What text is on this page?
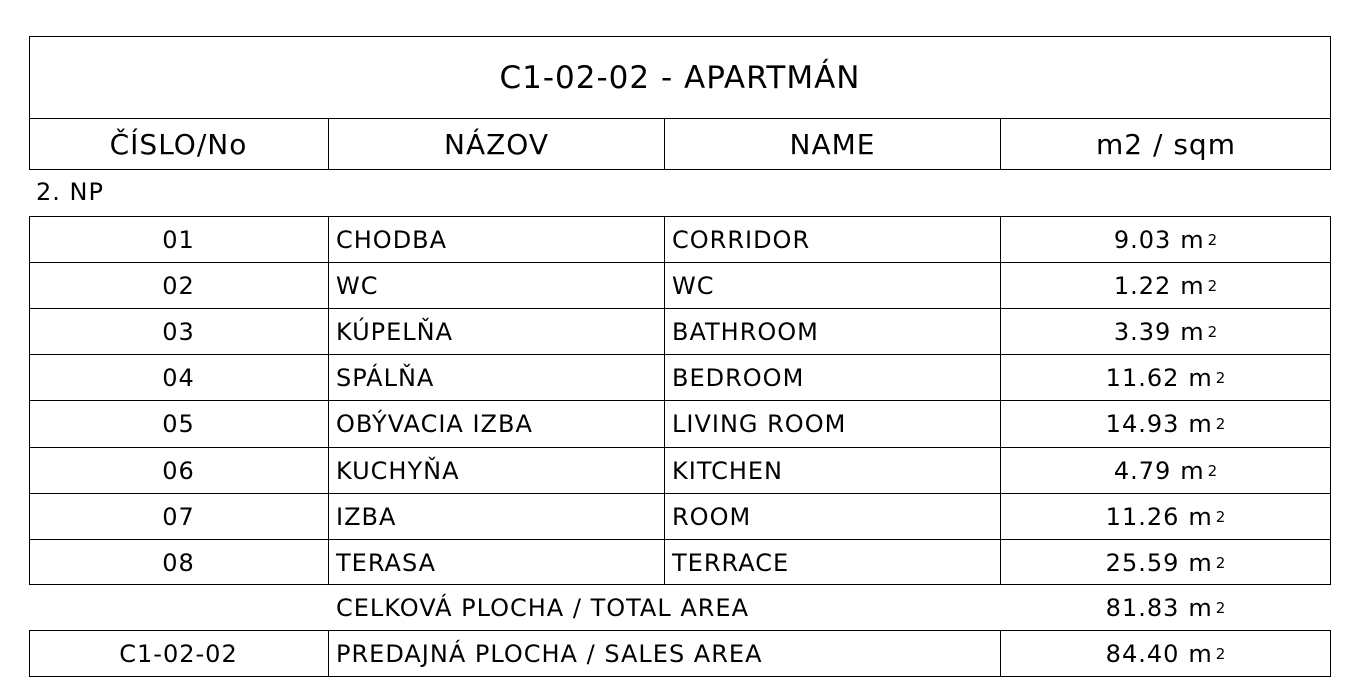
C1-02-02 - APARTMÁN
ČÍSLO/No	NÁZOV	NAME	m2 / sqm
2. NP
01	CHODBA	CORRIDOR	9.03 m 2
02	WC	WC	1.22 m 2
03	KÚPELŇA	BATHROOM	3.39 m 2
04	SPÁLŇA	BEDROOM	11.62 m 2
05	OBÝVACIA IZBA	LIVING ROOM	14.93 m 2
06	KUCHYŇA	KITCHEN	4.79 m 2
07	IZBA	ROOM	11.26 m 2
08	TERASA	TERRACE	25.59 m 2
CELKOVÁ PLOCHA / TOTAL AREA	81.83 m 2
C1-02-02	PREDAJNÁ PLOCHA / SALES AREA	84.40 m 2
